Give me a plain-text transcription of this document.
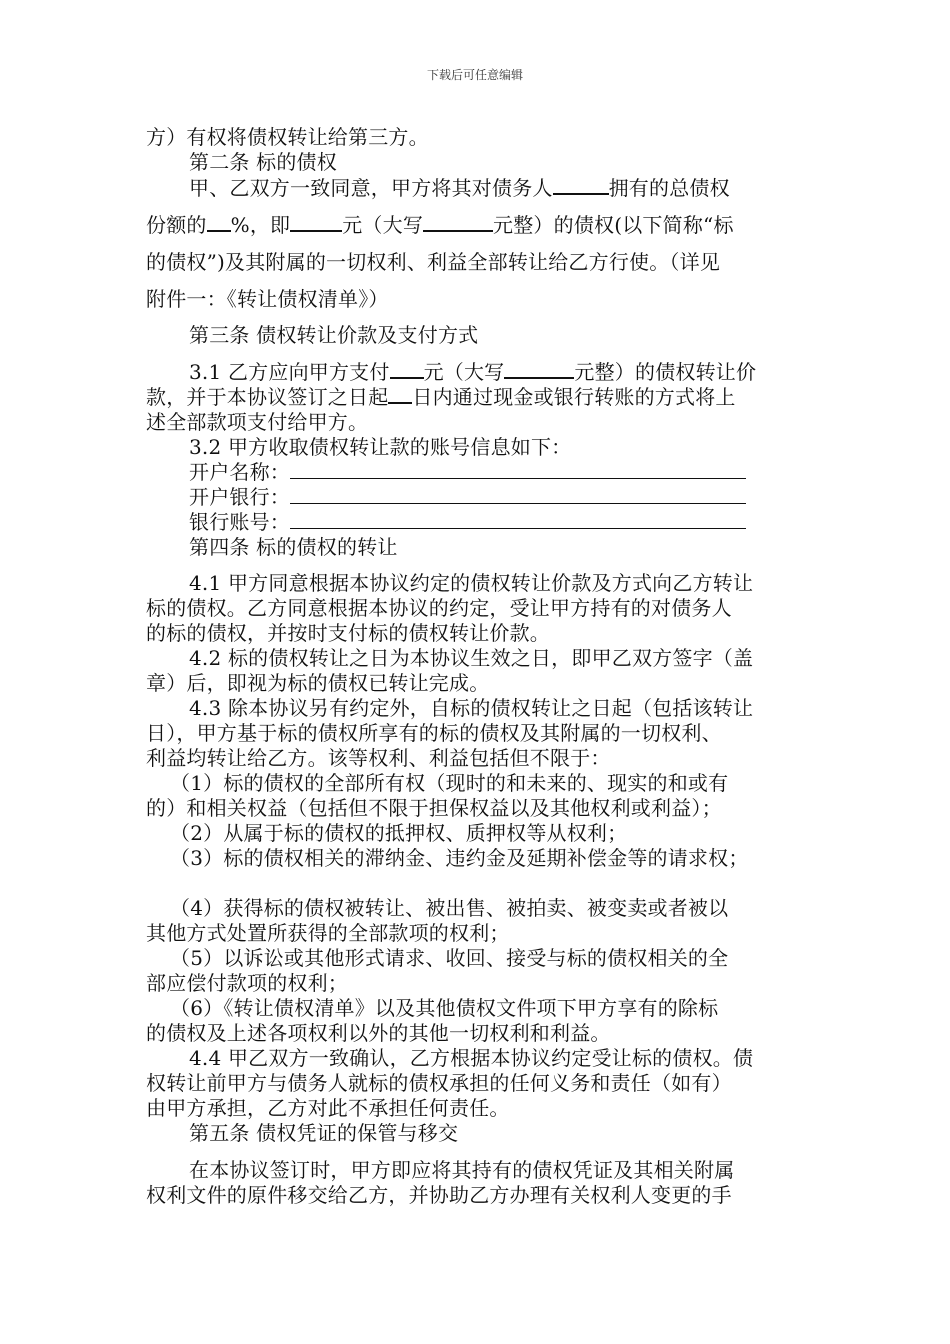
下载后可任意编辑
方）有权将债权转让给第三方。
第二条 标的债权
甲、乙双方一致同意，甲方将其对债务人	拥有的总债权
份额的 %，即	元（大写	元整）的债权(以下简称“标
的债权”)及其附属的一切权利、利益全部转让给乙方行使。（详见
附件一：《转让债权清单》）
第三条 债权转让价款及支付方式
3.1 乙方应向甲方支付 元（大写	元整）的债权转让价
款，并于本协议签订之日起 日内通过现金或银行转账的方式将上
述全部款项支付给甲方。
3.2 甲方收取债权转让款的账号信息如下：
开户名称：
开户银行：
银行账号：
第四条 标的债权的转让
4.1 甲方同意根据本协议约定的债权转让价款及方式向乙方转让
标的债权。乙方同意根据本协议的约定，受让甲方持有的对债务人
的标的债权，并按时支付标的债权转让价款。
4.2 标的债权转让之日为本协议生效之日，即甲乙双方签字（盖
章）后，即视为标的债权已转让完成。
4.3 除本协议另有约定外，自标的债权转让之日起（包括该转让
日），甲方基于标的债权所享有的标的债权及其附属的一切权利、
利益均转让给乙方。该等权利、利益包括但不限于：
（1）标的债权的全部所有权（现时的和未来的、现实的和或有
的）和相关权益（包括但不限于担保权益以及其他权利或利益）；
（2）从属于标的债权的抵押权、质押权等从权利；
（3）标的债权相关的滞纳金、违约金及延期补偿金等的请求权；
（4）获得标的债权被转让、被出售、被拍卖、被变卖或者被以
其他方式处置所获得的全部款项的权利；
（5）以诉讼或其他形式请求、收回、接受与标的债权相关的全
部应偿付款项的权利；
（6）《转让债权清单》以及其他债权文件项下甲方享有的除标
的债权及上述各项权利以外的其他一切权利和利益。
4.4 甲乙双方一致确认，乙方根据本协议约定受让标的债权。债
权转让前甲方与债务人就标的债权承担的任何义务和责任（如有）
由甲方承担，乙方对此不承担任何责任。
第五条 债权凭证的保管与移交
在本协议签订时，甲方即应将其持有的债权凭证及其相关附属
权利文件的原件移交给乙方，并协助乙方办理有关权利人变更的手
